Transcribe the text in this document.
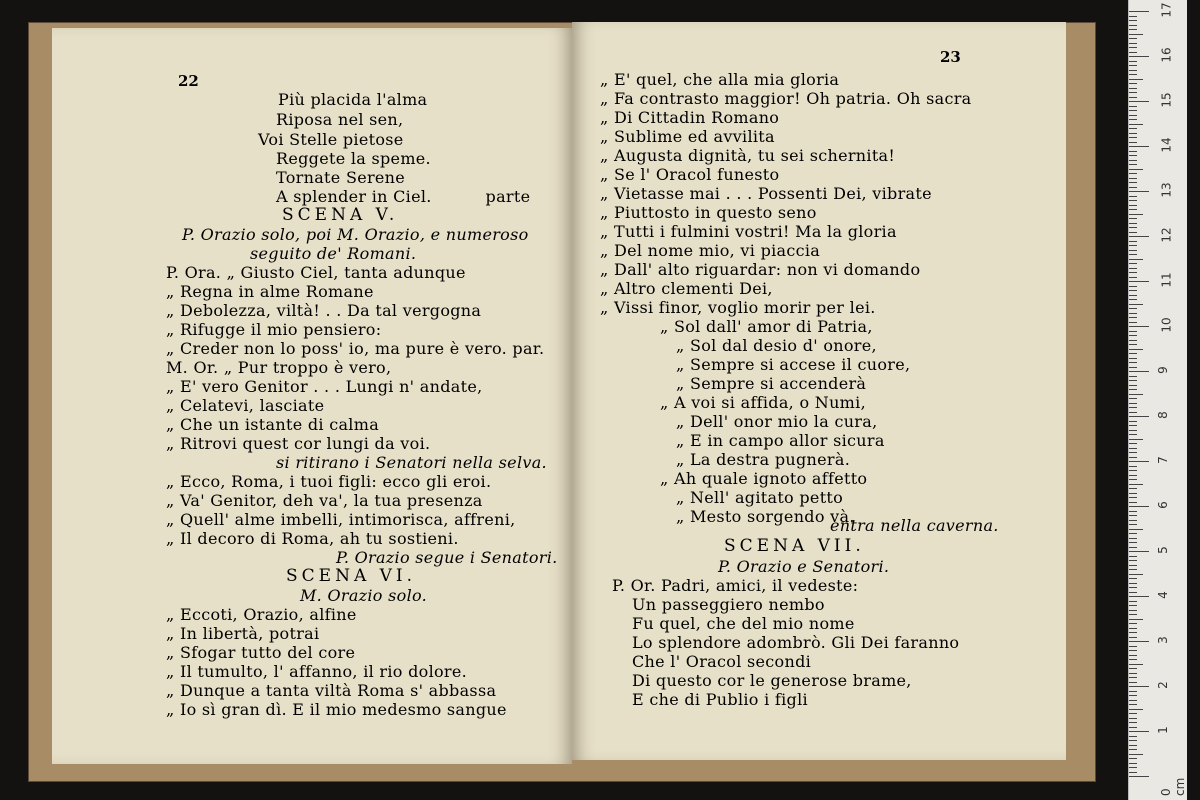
22
23
Più placida l'alma
Riposa nel sen,
Voi Stelle pietose
Reggete la speme.
Tornate Serene
A splender in Ciel.          parte
SCENA V.
P. Orazio solo, poi M. Orazio, e numeroso
seguito de' Romani.
P. Ora. „ Giusto Ciel, tanta adunque
„ Regna in alme Romane
„ Debolezza, viltà! . . Da tal vergogna
„ Rifugge il mio pensiero:
„ Creder non lo poss' io, ma pure è vero. par.
M. Or. „ Pur troppo è vero,
„ E' vero Genitor . . . Lungi n' andate,
„ Celatevi, lasciate
„ Che un istante di calma
„ Ritrovi quest cor lungi da voi.
si ritirano i Senatori nella selva.
„ Ecco, Roma, i tuoi figli: ecco gli eroi.
„ Va' Genitor, deh va', la tua presenza
„ Quell' alme imbelli, intimorisca, affreni,
„ Il decoro di Roma, ah tu sostieni.
P. Orazio segue i Senatori.
SCENA VI.
M. Orazio solo.
„ Eccoti, Orazio, alfine
„ In libertà, potrai
„ Sfogar tutto del core
„ Il tumulto, l' affanno, il rio dolore.
„ Dunque a tanta viltà Roma s' abbassa
„ Io sì gran dì. E il mio medesmo sangue
„ E' quel, che alla mia gloria
„ Fa contrasto maggior! Oh patria. Oh sacra
„ Di Cittadin Romano
„ Sublime ed avvilita
„ Augusta dignità, tu sei schernita!
„ Se l' Oracol funesto
„ Vietasse mai . . . Possenti Dei, vibrate
„ Piuttosto in questo seno
„ Tutti i fulmini vostri! Ma la gloria
„ Del nome mio, vi piaccia
„ Dall' alto riguardar: non vi domando
„ Altro clementi Dei,
„ Vissi finor, voglio morir per lei.
„ Sol dall' amor di Patria,
„ Sol dal desio d' onore,
„ Sempre si accese il cuore,
„ Sempre si accenderà
„ A voi si affida, o Numi,
„ Dell' onor mio la cura,
„ E in campo allor sicura
„ La destra pugnerà.
„ Ah quale ignoto affetto
„ Nell' agitato petto
„ Mesto sorgendo và.
entra nella caverna.
SCENA VII.
P. Orazio e Senatori.
P. Or. Padri, amici, il vedeste:
Un passeggiero nembo
Fu quel, che del mio nome
Lo splendore adombrò. Gli Dei faranno
Che l' Oracol secondi
Di questo cor le generose brame,
E che di Publio i figli
17
16
15
14
13
12
11
10
9
8
7
6
5
4
3
2
1
0 cm
